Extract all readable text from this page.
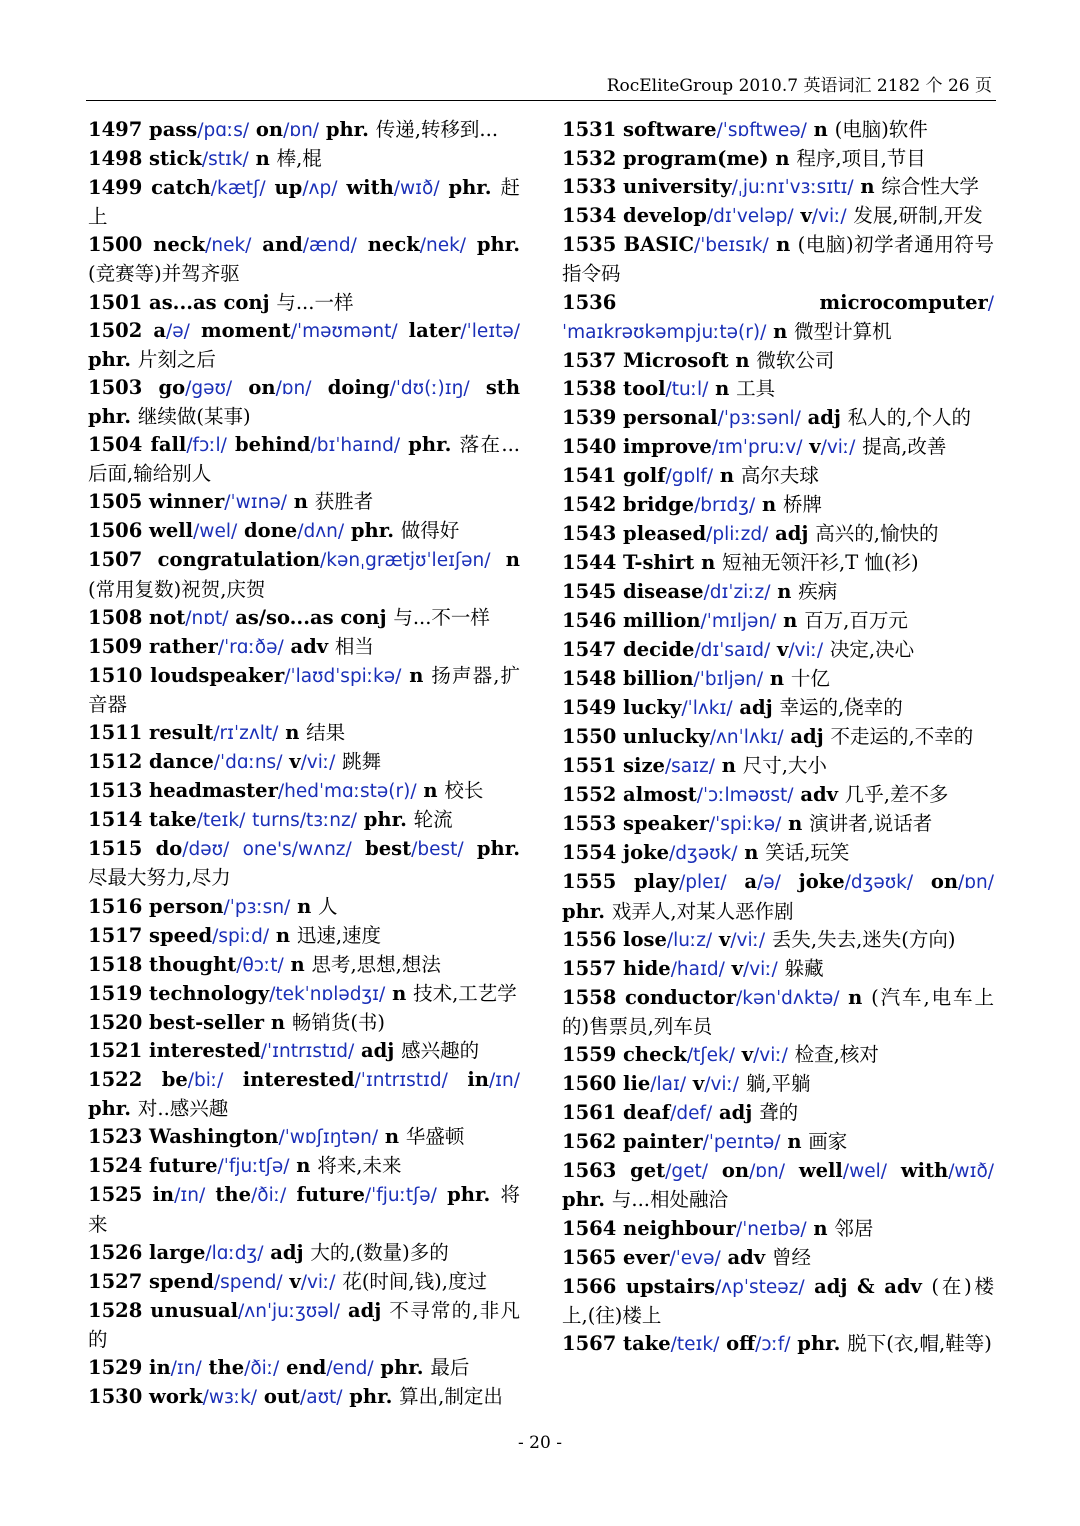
RocEliteGroup 2010.7 英语词汇 2182 个 26 页
1497 pass/pɑːs/ on/ɒn/ phr. 传递,转移到...
1498 stick/stɪk/ n 棒,棍
1499 catch/kætʃ/ up/ʌp/ with/wɪð/ phr. 赶上
1500 neck/nek/ and/ænd/ neck/nek/ phr. (竞赛等)并驾齐驱
1501 as...as conj 与...一样
1502 a/ə/ moment/ˈməʊmənt/ later/ˈleɪtə/ phr. 片刻之后
1503 go/gəʊ/ on/ɒn/ doing/ˈdʊ(ː)ɪŋ/ sth phr. 继续做(某事)
1504 fall/fɔːl/ behind/bɪˈhaɪnd/ phr. 落在...后面,输给别人
1505 winner/ˈwɪnə/ n 获胜者
1506 well/wel/ done/dʌn/ phr. 做得好
1507 congratulation/kənˌgrætjʊˈleɪʃən/ n (常用复数)祝贺,庆贺
1508 not/nɒt/ as/so...as conj 与...不一样
1509 rather/ˈrɑːðə/ adv 相当
1510 loudspeaker/ˈlaʊdˈspiːkə/ n 扬声器,扩音器
1511 result/rɪˈzʌlt/ n 结果
1512 dance/ˈdɑːns/ v/viː/ 跳舞
1513 headmaster/hedˈmɑːstə(r)/ n 校长
1514 take/teɪk/ turns/tɜːnz/ phr. 轮流
1515 do/dəʊ/ one's/wʌnz/ best/best/ phr. 尽最大努力,尽力
1516 person/ˈpɜːsn/ n 人
1517 speed/spiːd/ n 迅速,速度
1518 thought/θɔːt/ n 思考,思想,想法
1519 technology/tekˈnɒlədʒɪ/ n 技术,工艺学
1520 best-seller n 畅销货(书)
1521 interested/ˈɪntrɪstɪd/ adj 感兴趣的
1522 be/biː/ interested/ˈɪntrɪstɪd/ in/ɪn/ phr. 对..感兴趣
1523 Washington/ˈwɒʃɪŋtən/ n 华盛顿
1524 future/ˈfjuːtʃə/ n 将来,未来
1525 in/ɪn/ the/ðiː/ future/ˈfjuːtʃə/ phr. 将来
1526 large/lɑːdʒ/ adj 大的,(数量)多的
1527 spend/spend/ v/viː/ 花(时间,钱),度过
1528 unusual/ʌnˈjuːʒʊəl/ adj 不寻常的,非凡的
1529 in/ɪn/ the/ðiː/ end/end/ phr. 最后
1530 work/wɜːk/ out/aʊt/ phr. 算出,制定出
1531 software/ˈsɒftweə/ n (电脑)软件
1532 program(me) n 程序,项目,节目
1533 university/ˌjuːnɪˈvɜːsɪtɪ/ n 综合性大学
1534 develop/dɪˈveləp/ v/viː/ 发展,研制,开发
1535 BASIC/ˈbeɪsɪk/ n (电脑)初学者通用符号指令码
1536 microcomputer/ˈmaɪkrəʊkəmpjuːtə(r)/ n 微型计算机
1537 Microsoft n 微软公司
1538 tool/tuːl/ n 工具
1539 personal/ˈpɜːsənl/ adj 私人的,个人的
1540 improve/ɪmˈpruːv/ v/viː/ 提高,改善
1541 golf/gɒlf/ n 高尔夫球
1542 bridge/brɪdʒ/ n 桥牌
1543 pleased/pliːzd/ adj 高兴的,愉快的
1544 T-shirt n 短袖无领汗衫,T 恤(衫)
1545 disease/dɪˈziːz/ n 疾病
1546 million/ˈmɪljən/ n 百万,百万元
1547 decide/dɪˈsaɪd/ v/viː/ 决定,决心
1548 billion/ˈbɪljən/ n 十亿
1549 lucky/ˈlʌkɪ/ adj 幸运的,侥幸的
1550 unlucky/ʌnˈlʌkɪ/ adj 不走运的,不幸的
1551 size/saɪz/ n 尺寸,大小
1552 almost/ˈɔːlməʊst/ adv 几乎,差不多
1553 speaker/ˈspiːkə/ n 演讲者,说话者
1554 joke/dʒəʊk/ n 笑话,玩笑
1555 play/pleɪ/ a/ə/ joke/dʒəʊk/ on/ɒn/ phr. 戏弄人,对某人恶作剧
1556 lose/luːz/ v/viː/ 丢失,失去,迷失(方向)
1557 hide/haɪd/ v/viː/ 躲藏
1558 conductor/kənˈdʌktə/ n (汽车,电车上的)售票员,列车员
1559 check/tʃek/ v/viː/ 检查,核对
1560 lie/laɪ/ v/viː/ 躺,平躺
1561 deaf/def/ adj 聋的
1562 painter/ˈpeɪntə/ n 画家
1563 get/get/ on/ɒn/ well/wel/ with/wɪð/ phr. 与...相处融洽
1564 neighbour/ˈneɪbə/ n 邻居
1565 ever/ˈevə/ adv 曾经
1566 upstairs/ʌpˈsteəz/ adj & adv (在)楼上,(往)楼上
1567 take/teɪk/ off/ɔːf/ phr. 脱下(衣,帽,鞋等)
- 20 -
